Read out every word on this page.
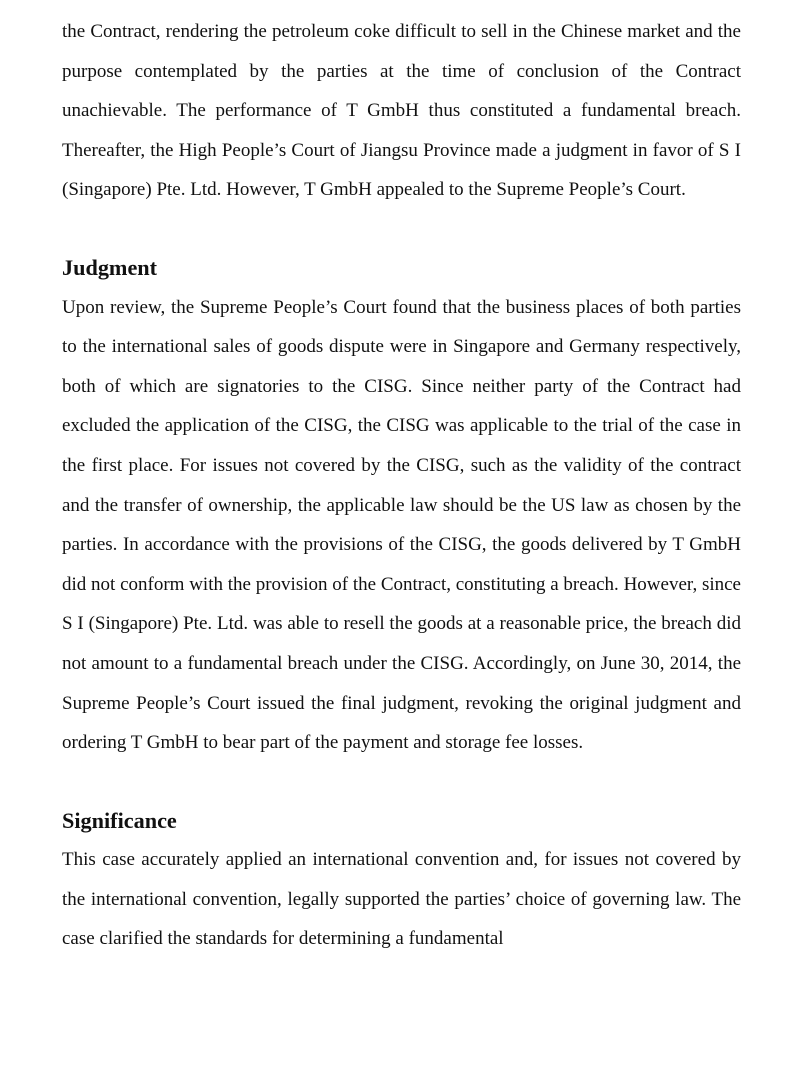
the Contract, rendering the petroleum coke difficult to sell in the Chinese market and the purpose contemplated by the parties at the time of conclusion of the Contract unachievable. The performance of T GmbH thus constituted a fundamental breach. Thereafter, the High People’s Court of Jiangsu Province made a judgment in favor of S I (Singapore) Pte. Ltd. However, T GmbH appealed to the Supreme People’s Court.

Judgment

Upon review, the Supreme People’s Court found that the business places of both parties to the international sales of goods dispute were in Singapore and Germany respectively, both of which are signatories to the CISG. Since neither party of the Contract had excluded the application of the CISG, the CISG was applicable to the trial of the case in the first place. For issues not covered by the CISG, such as the validity of the contract and the transfer of ownership, the applicable law should be the US law as chosen by the parties. In accordance with the provisions of the CISG, the goods delivered by T GmbH did not conform with the provision of the Contract, constituting a breach. However, since S I (Singapore) Pte. Ltd. was able to resell the goods at a reasonable price, the breach did not amount to a fundamental breach under the CISG. Accordingly, on June 30, 2014, the Supreme People’s Court issued the final judgment, revoking the original judgment and ordering T GmbH to bear part of the payment and storage fee losses.

Significance

This case accurately applied an international convention and, for issues not covered by the international convention, legally supported the parties’ choice of governing law. The case clarified the standards for determining a fundamental
